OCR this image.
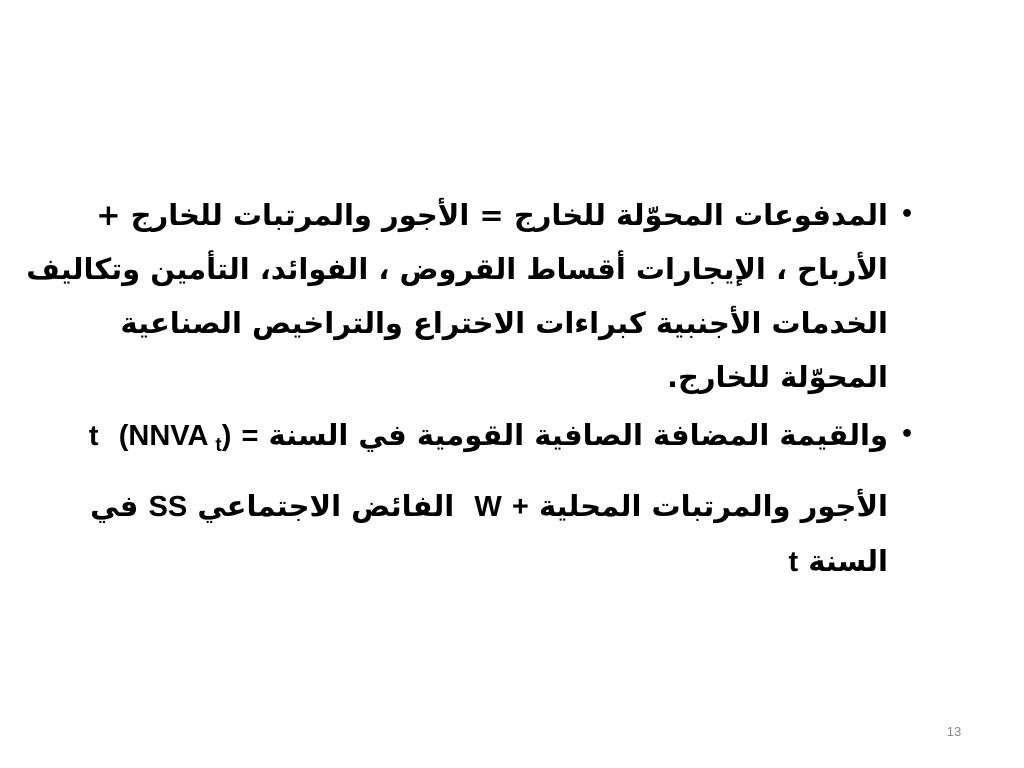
•
المدفوعات المحوّلة للخارج = الأجور والمرتبات للخارج + الأرباح ، الإيجارات أقساط القروض ، الفوائد، التأمين وتكاليف الخدمات الأجنبية كبراءات الاختراع والتراخيص الصناعية المحوّلة للخارج.

•
والقيمة المضافة الصافية القومية في السنة t (NNVA $_t$) =

الأجور والمرتبات المحلية W +  الفائض الاجتماعي SS في السنة t

13
